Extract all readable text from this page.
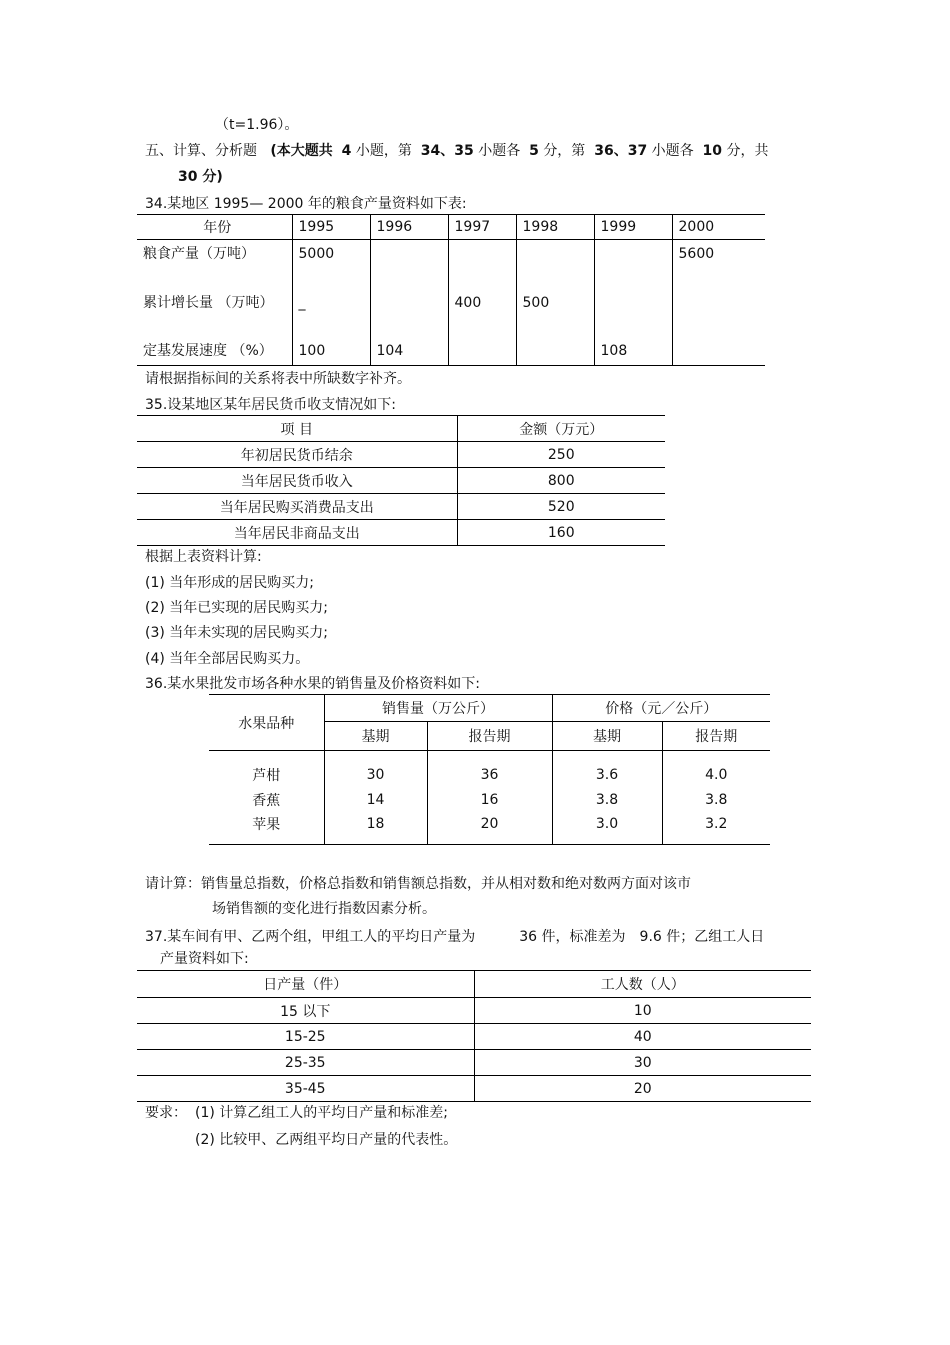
（t=1.96）。
五、计算、分析题 (本大题共 4 小题，第 34、35 小题各 5 分，第 36、37 小题各 10 分，共
30 分)
34.某地区 1995— 2000 年的粮食产量资料如下表:
年份	1995	1996	1997	1998	1999	2000
粮食产量（万吨）	5000					5600
累计增长量 （万吨）	_		400	500		
定基发展速度 （%）	100	104			108	
请根据指标间的关系将表中所缺数字补齐。
35.设某地区某年居民货币收支情况如下:
项 目	金额（万元）
年初居民货币结余	250
当年居民货币收入	800
当年居民购买消费品支出	520
当年居民非商品支出	160
根据上表资料计算:
(1) 当年形成的居民购买力;
(2) 当年已实现的居民购买力;
(3) 当年未实现的居民购买力;
(4) 当年全部居民购买力。
36.某水果批发市场各种水果的销售量及价格资料如下:
水果品种	销售量（万公斤）		价格（元／公斤）	
	基期	报告期	基期	报告期
芦柑	30	36	3.6	4.0
香蕉	14	16	3.8	3.8
苹果	18	20	3.0	3.2
请计算：销售量总指数，价格总指数和销售额总指数，并从相对数和绝对数两方面对该市
场销售额的变化进行指数因素分析。
37.某车间有甲、乙两个组，甲组工人的平均日产量为	36 件，标准差为 9.6 件；乙组工人日
产量资料如下:
日产量（件）	工人数（人）
15 以下	10
15-25	40
25-35	30
35-45	20
要求： (1) 计算乙组工人的平均日产量和标准差;
(2) 比较甲、乙两组平均日产量的代表性。
